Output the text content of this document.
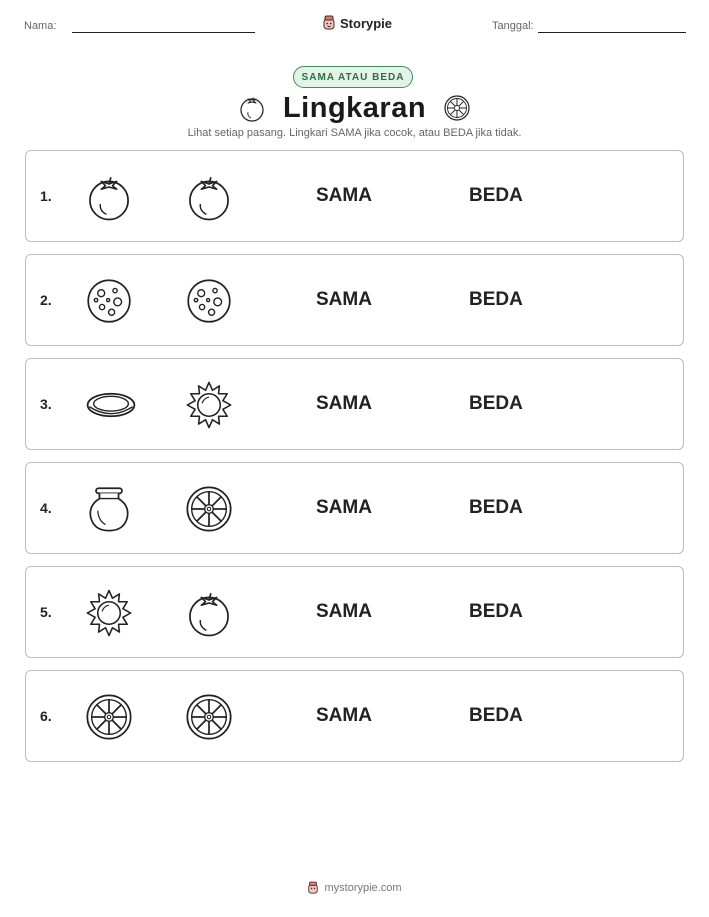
Nama:	Storypie	Tanggal:
SAMA ATAU BEDA
Lingkaran
Lihat setiap pasang. Lingkari SAMA jika cocok, atau BEDA jika tidak.
1.	SAMA	BEDA
2.	SAMA	BEDA
3.	SAMA	BEDA
4.	SAMA	BEDA
5.	SAMA	BEDA
6.	SAMA	BEDA
mystorypie.com
